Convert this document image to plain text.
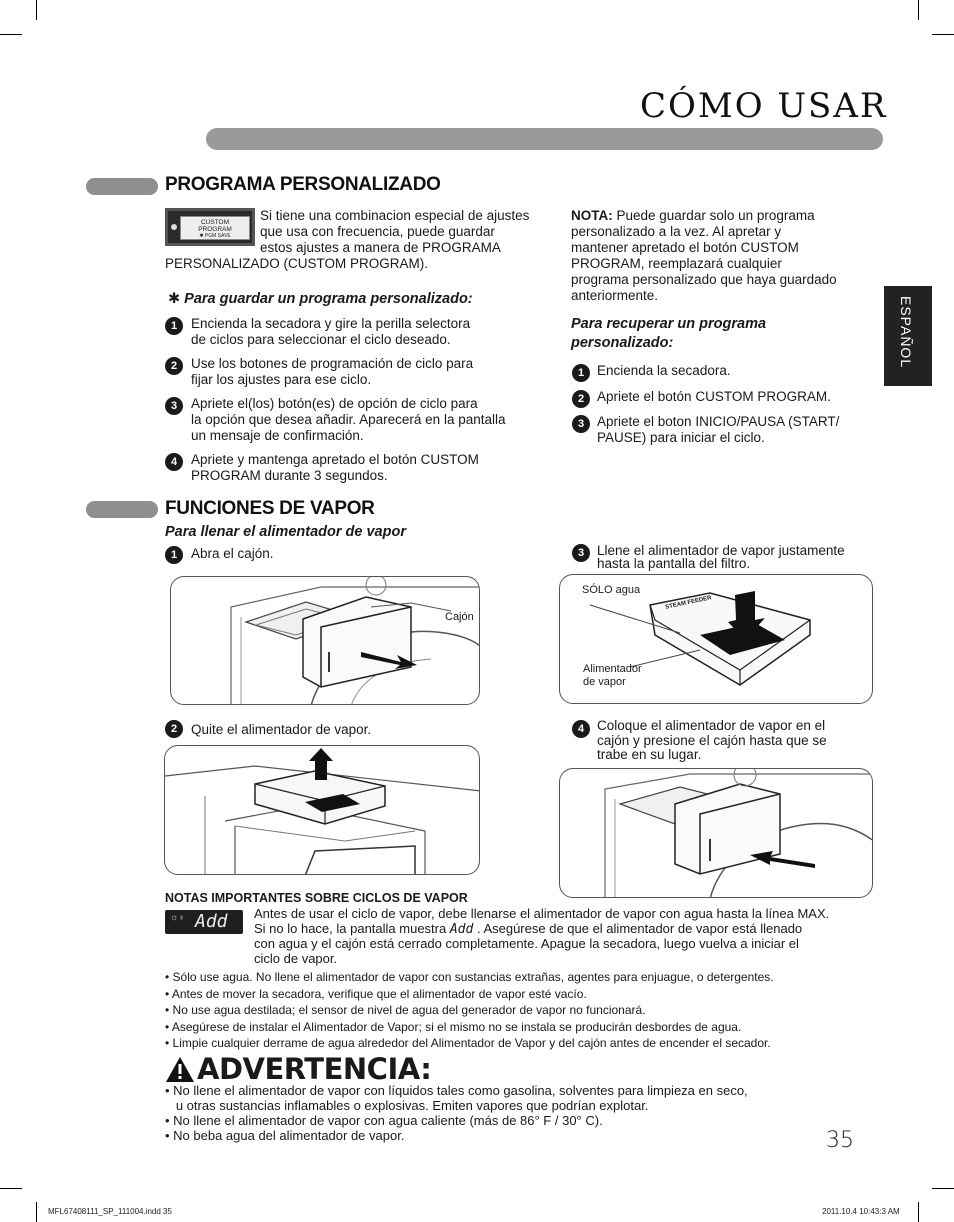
CÓMO USAR
ESPAÑOL
PROGRAMA PERSONALIZADO
CUSTOM
PROGRAM
✱ PGM SAVE
Si tiene una combinacion especial de ajustes
que usa con frecuencia, puede guardar
estos ajustes a manera de PROGRAMA
PERSONALIZADO (CUSTOM PROGRAM).
✱ Para guardar un programa personalizado:
1	Encienda la secadora y gire la perilla selectora
de ciclos para seleccionar el ciclo deseado.
2	Use los botones de programación de ciclo para
fijar los ajustes para ese ciclo.
3	Apriete el(los) botón(es) de opción de ciclo para
la opción que desea añadir. Aparecerá en la pantalla
un mensaje de confirmación.
4	Apriete y mantenga apretado el botón CUSTOM
PROGRAM durante 3 segundos.
NOTA: Puede guardar solo un programa
personalizado a la vez. Al apretar y
mantener apretado el botón CUSTOM
PROGRAM, reemplazará cualquier
programa personalizado que haya guardado
anteriormente.
Para recuperar un programa
personalizado:
1 Encienda la secadora.
2 Apriete el botón CUSTOM PROGRAM.
3 Apriete el boton INICIO/PAUSA (START/
PAUSE) para iniciar el ciclo.
FUNCIONES DE VAPOR
Para llenar el alimentador de vapor
1	Abra el cajón.
Cajón
2	Quite el alimentador de vapor.
3 Llene el alimentador de vapor justamente
hasta la pantalla del filtro.
SÓLO agua
Alimentador
de vapor
STEAM FEEDER
4 Coloque el alimentador de vapor en el
cajón y presione el cajón hasta que se
trabe en su lugar.
NOTAS IMPORTANTES SOBRE CICLOS DE VAPOR
☼♁ Add Antes de usar el ciclo de vapor, debe llenarse el alimentador de vapor con agua hasta la línea MAX.
Si no lo hace, la pantalla muestra Add . Asegúrese de que el alimentador de vapor está llenado
con agua y el cajón está cerrado completamente. Apague la secadora, luego vuelva a iniciar el
ciclo de vapor.
• Sólo use agua. No llene el alimentador de vapor con sustancias extrañas, agentes para enjuague, o detergentes.
• Antes de mover la secadora, verifique que el alimentador de vapor esté vacío.
• No use agua destilada; el sensor de nivel de agua del generador de vapor no funcionará.
• Asegúrese de instalar el Alimentador de Vapor; si el mismo no se instala se producirán desbordes de agua.
• Limpie cualquier derrame de agua alrededor del Alimentador de Vapor y del cajón antes de encender el secador.
ADVERTENCIA:
• No llene el alimentador de vapor con líquidos tales como gasolina, solventes para limpieza en seco,
u otras sustancias inflamables o explosivas. Emiten vapores que podrían explotar.
• No llene el alimentador de vapor con agua caliente (más de 86° F / 30° C).
• No beba agua del alimentador de vapor.	35
MFL67408111_SP_111004.indd 35	2011.10.4 10:43:3 AM
